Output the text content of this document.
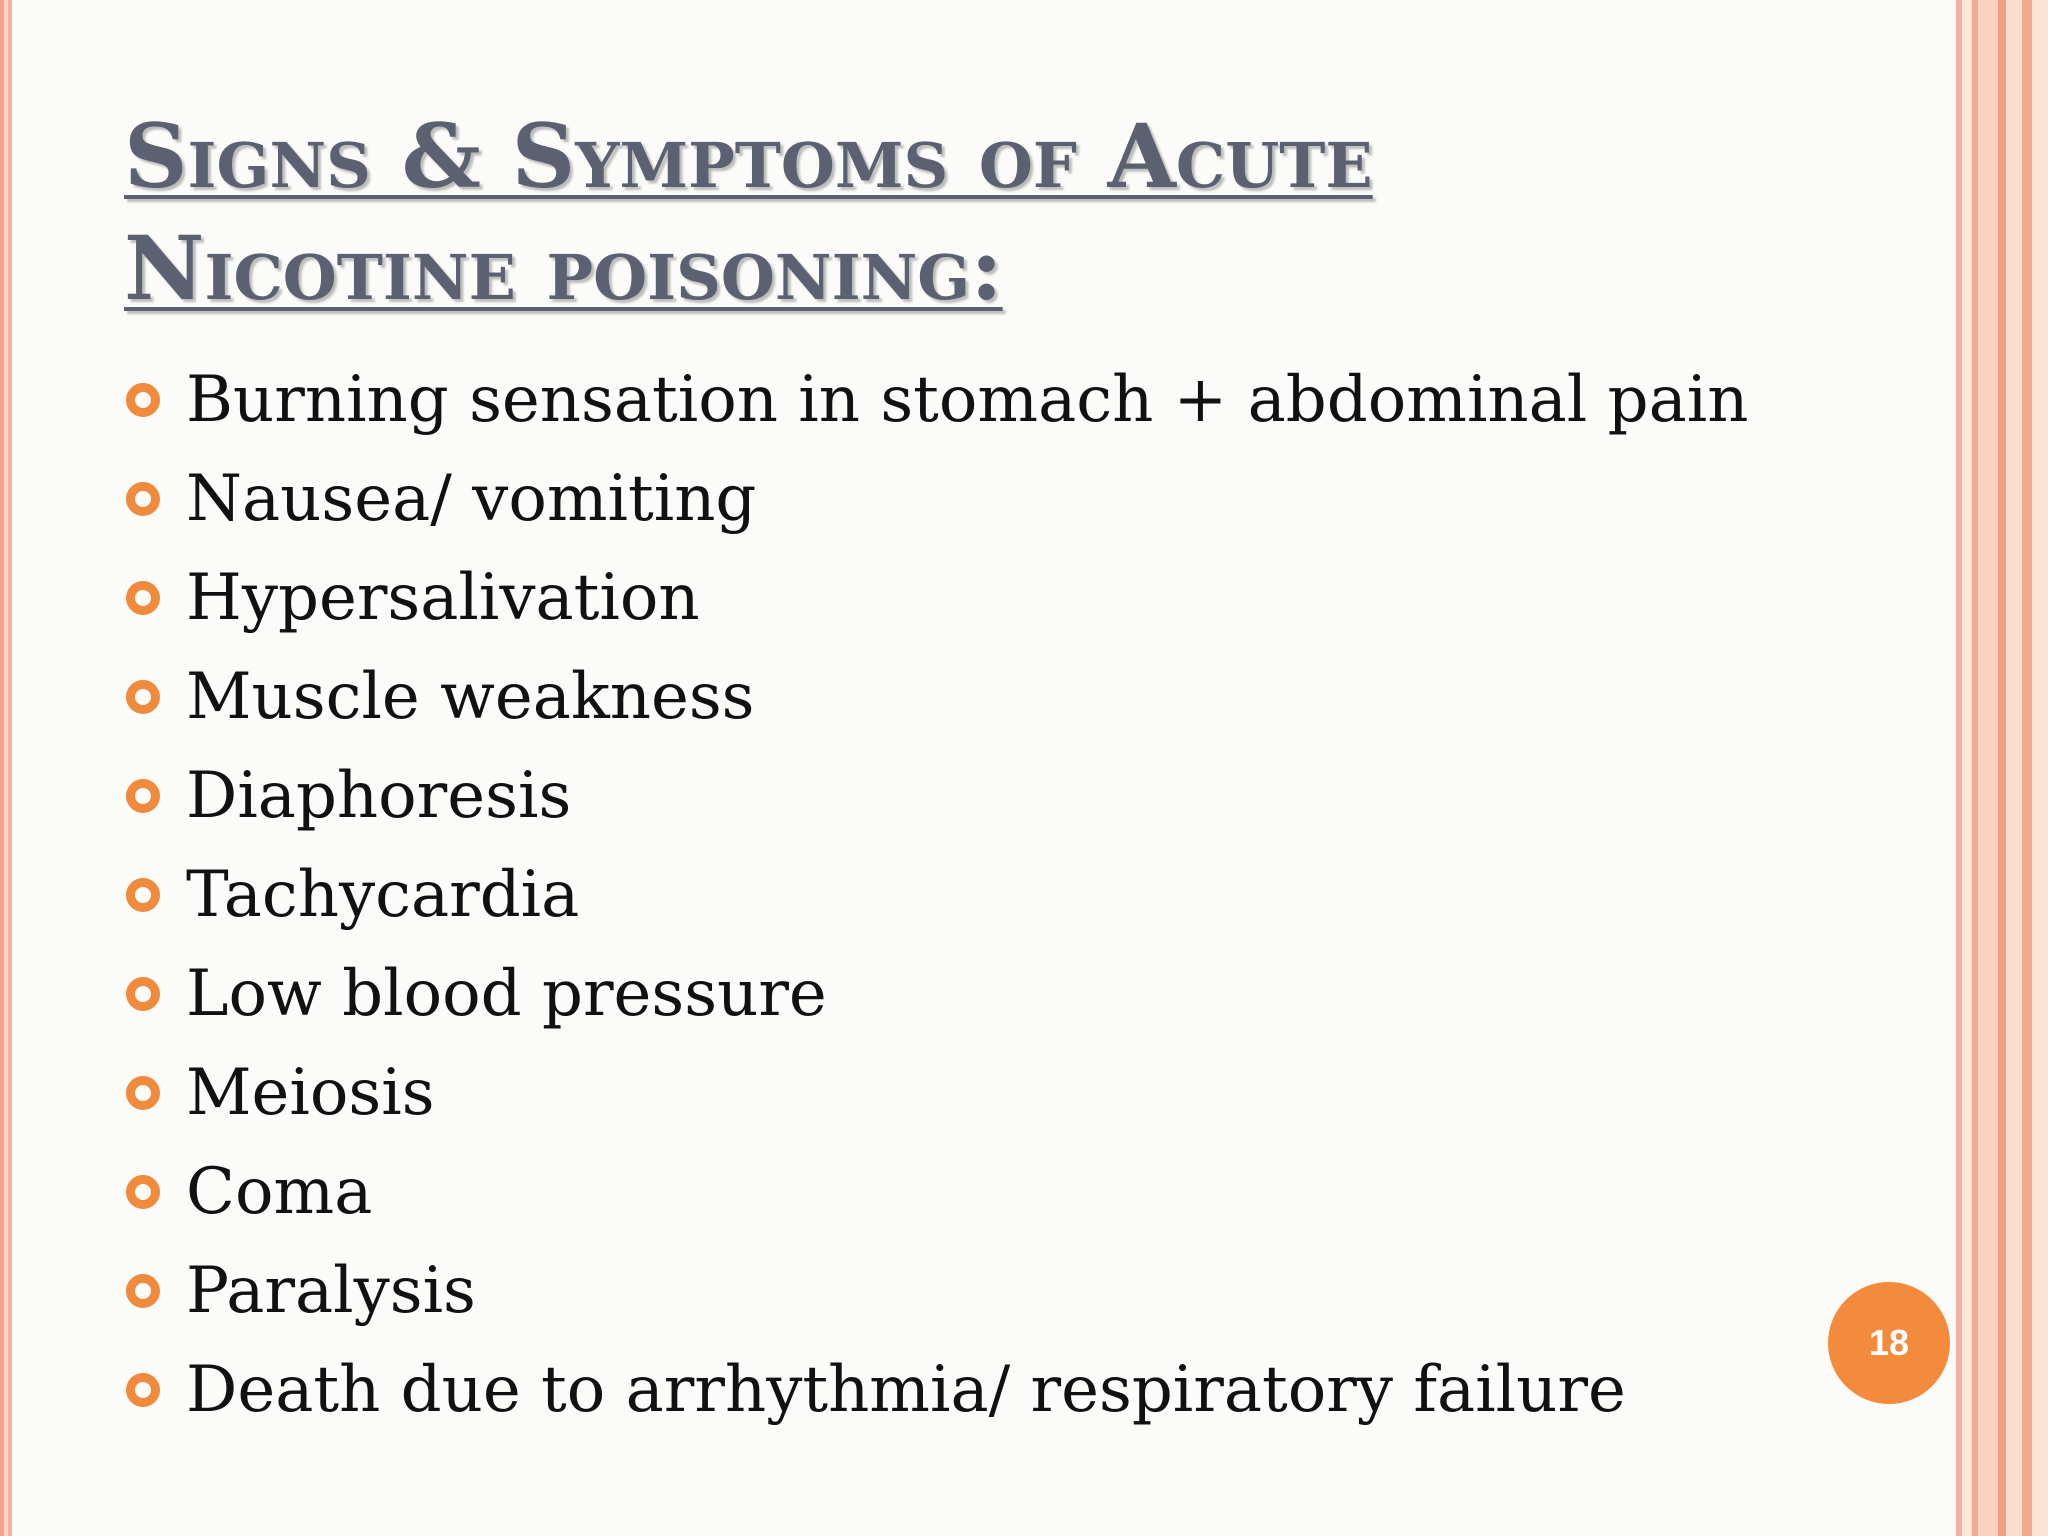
Signs & Symptoms of Acute
Nicotine poisoning:
Burning sensation in stomach + abdominal pain
Nausea/ vomiting
Hypersalivation
Muscle weakness
Diaphoresis
Tachycardia
Low blood pressure
Meiosis
Coma
Paralysis
Death due to arrhythmia/ respiratory failure
18
